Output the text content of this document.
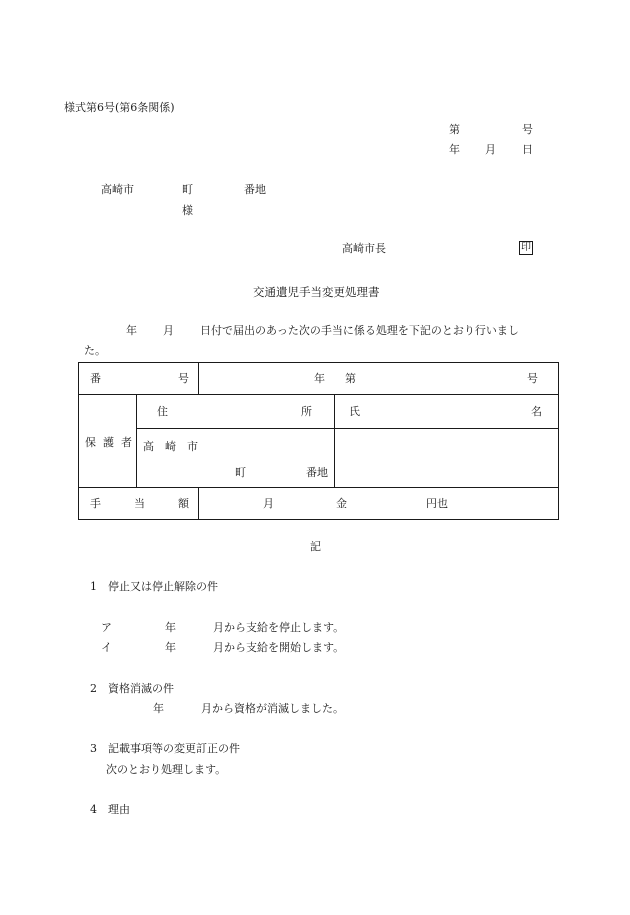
様式第6号(第6条関係)
第	号
年 月 日
高崎市	町	番地
様
高崎市長	印
交通遺児手当変更処理書
年 月 日付で届出のあった次の手当に係る処理を下記のとおり行いまし
た。
番 号		年 第 号	

保 護 者	住 所		氏 名

	高　崎　市
町 番地		

手 当 額		月 金 円也	
記
1　停止又は停止解除の件
ア	年	月から支給を停止します。
イ	年	月から支給を開始します。
2　資格消滅の件
年	月から資格が消滅しました。
3　記載事項等の変更訂正の件
次のとおり処理します。
4　理由
